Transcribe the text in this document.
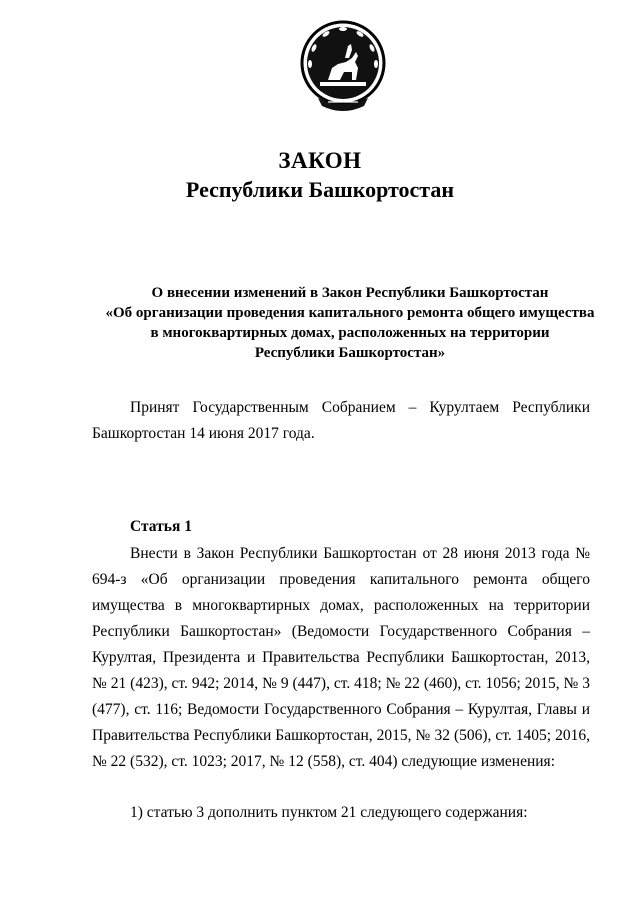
ЗАКОН

Республики Башкортостан

О внесении изменений в Закон Республики Башкортостан
«Об организации проведения капитального ремонта общего имущества
в многоквартирных домах, расположенных на территории
Республики Башкортостан»

Принят Государственным Собранием – Курултаем Республики Башкортостан 14 июня 2017 года.

Статья 1

Внести в Закон Республики Башкортостан от 28 июня 2013 года № 694-з «Об организации проведения капитального ремонта общего имущества в многоквартирных домах, расположенных на территории Республики Башкортостан» (Ведомости Государственного Собрания – Курултая, Президента и Правительства Республики Башкортостан, 2013, № 21 (423), ст. 942; 2014, № 9 (447), ст. 418; № 22 (460), ст. 1056; 2015, № 3 (477), ст. 116; Ведомости Государственного Собрания – Курултая, Главы и Правительства Республики Башкортостан, 2015, № 32 (506), ст. 1405; 2016, № 22 (532), ст. 1023; 2017, № 12 (558), ст. 404) следующие изменения:

1) статью 3 дополнить пунктом 21 следующего содержания:
